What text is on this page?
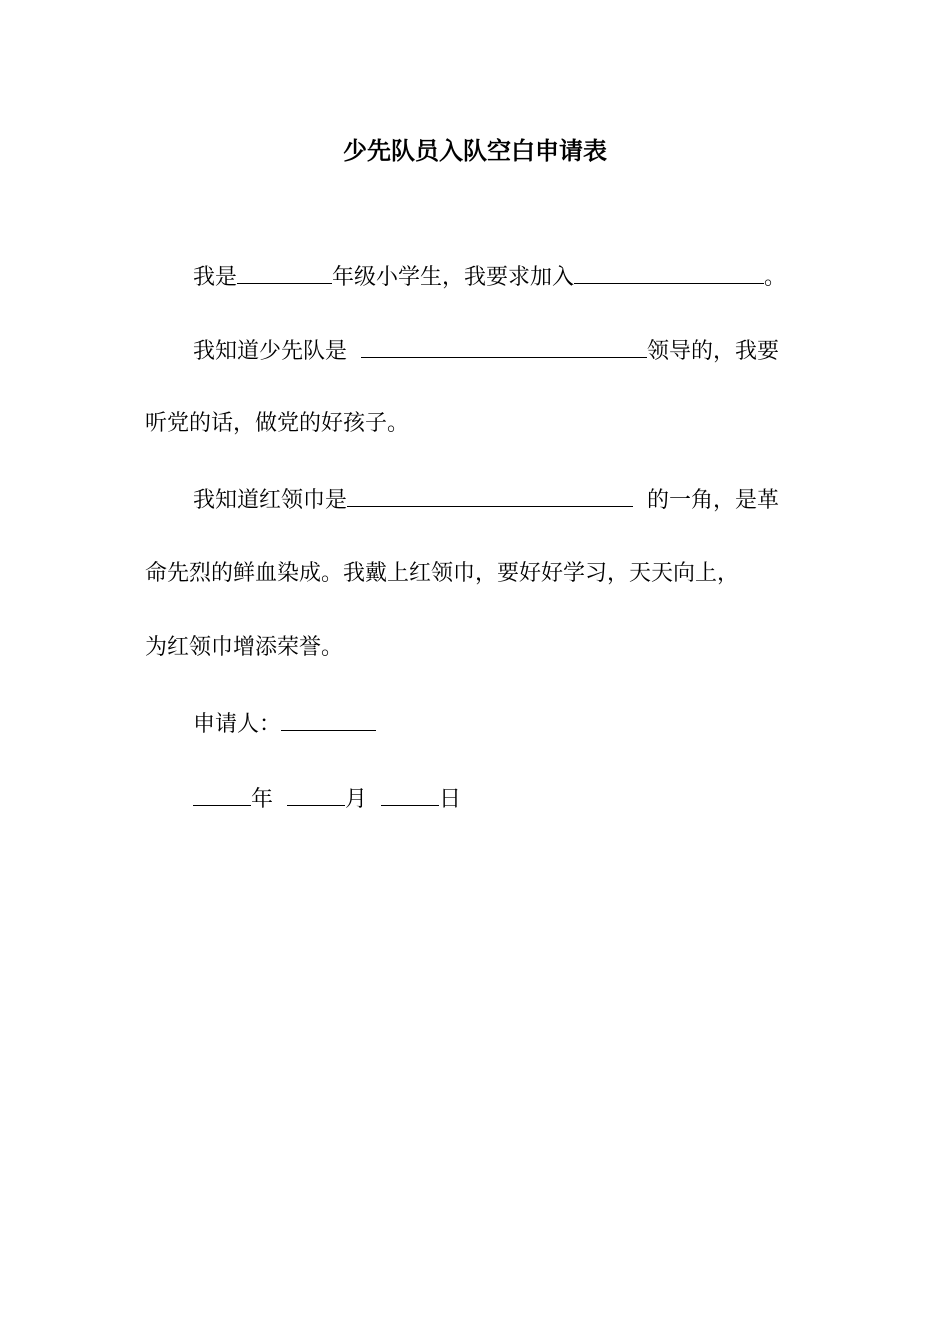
少先队员入队空白申请表
我是	年级小学生，我要求加入	。
我知道少先队是	领导的，我要
听党的话，做党的好孩子。
我知道红领巾是	的一角，是革
命先烈的鲜血染成。我戴上红领巾，要好好学习，天天向上，
为红领巾增添荣誉。
申请人：
年	月	日
